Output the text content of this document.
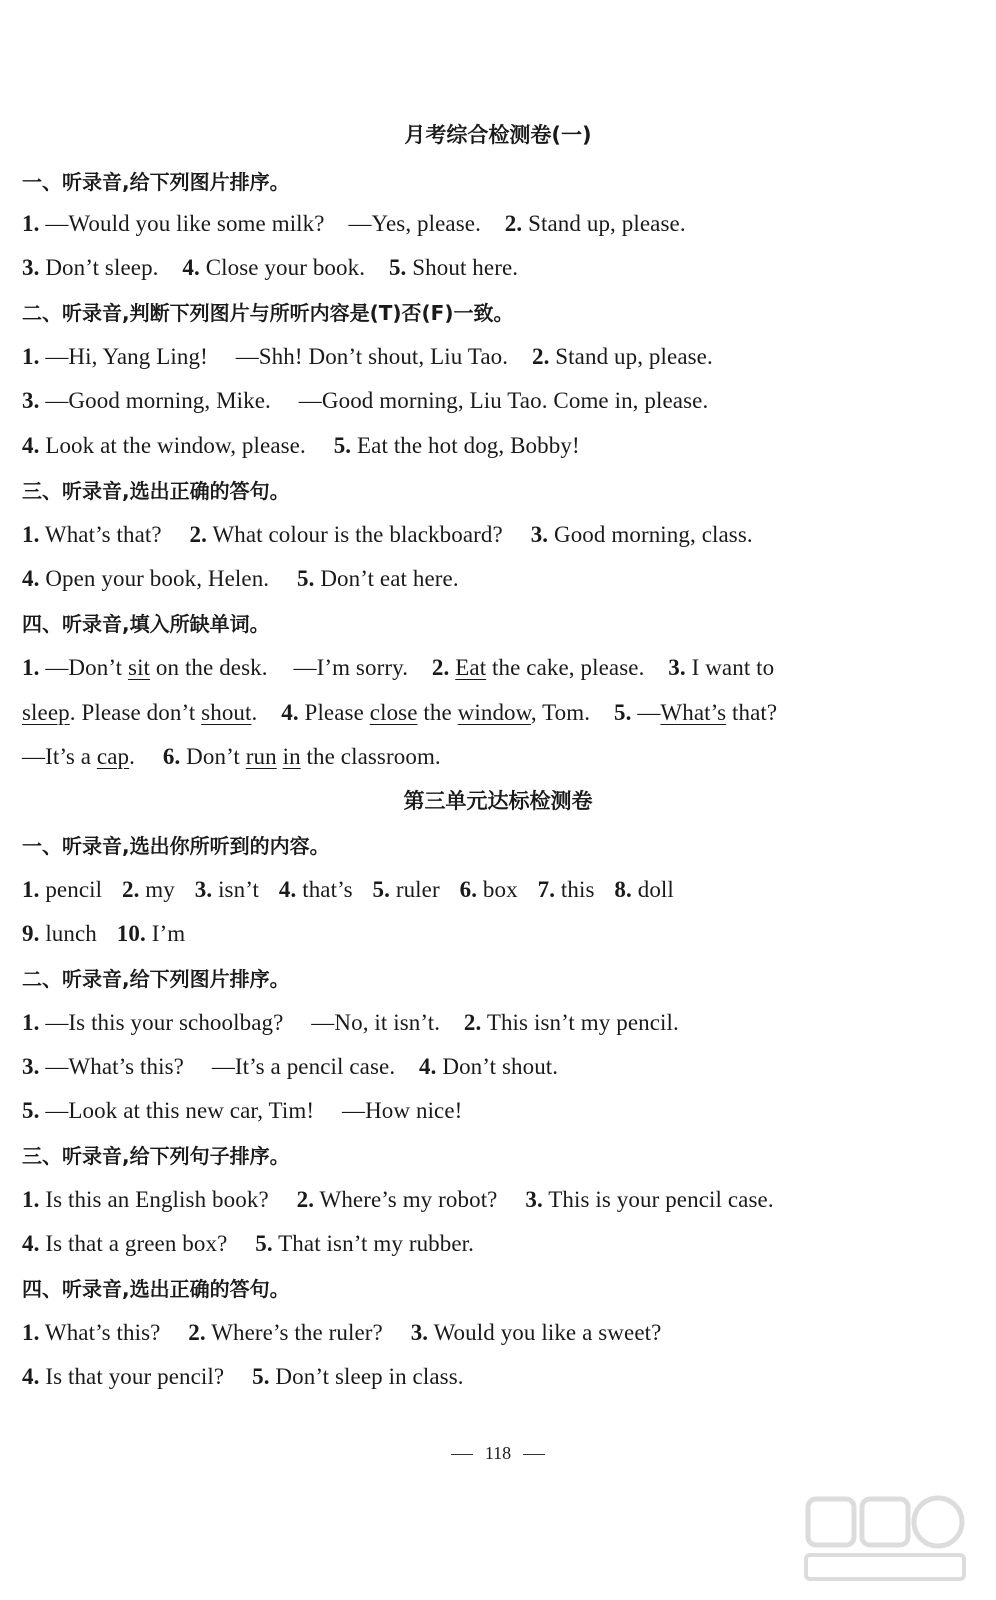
月考综合检测卷(一)
一、听录音,给下列图片排序。
1. —Would you like some milk? —Yes, please. 2. Stand up, please.
3. Don’t sleep. 4. Close your book. 5. Shout here.
二、听录音,判断下列图片与所听内容是(T)否(F)一致。
1. —Hi, Yang Ling! —Shh! Don’t shout, Liu Tao. 2. Stand up, please.
3. —Good morning, Mike. —Good morning, Liu Tao. Come in, please.
4. Look at the window, please. 5. Eat the hot dog, Bobby!
三、听录音,选出正确的答句。
1. What’s that? 2. What colour is the blackboard? 3. Good morning, class.
4. Open your book, Helen. 5. Don’t eat here.
四、听录音,填入所缺单词。
1. —Don’t sit on the desk. —I’m sorry. 2. Eat the cake, please. 3. I want to
sleep. Please don’t shout. 4. Please close the window, Tom. 5. —What’s that?
—It’s a cap. 6. Don’t run in the classroom.
第三单元达标检测卷
一、听录音,选出你所听到的内容。
1. pencil 2. my 3. isn’t 4. that’s 5. ruler 6. box 7. this 8. doll
9. lunch 10. I’m
二、听录音,给下列图片排序。
1. —Is this your schoolbag? —No, it isn’t. 2. This isn’t my pencil.
3. —What’s this? —It’s a pencil case. 4. Don’t shout.
5. —Look at this new car, Tim! —How nice!
三、听录音,给下列句子排序。
1. Is this an English book? 2. Where’s my robot? 3. This is your pencil case.
4. Is that a green box? 5. That isn’t my rubber.
四、听录音,选出正确的答句。
1. What’s this? 2. Where’s the ruler? 3. Would you like a sweet?
4. Is that your pencil? 5. Don’t sleep in class.
118
